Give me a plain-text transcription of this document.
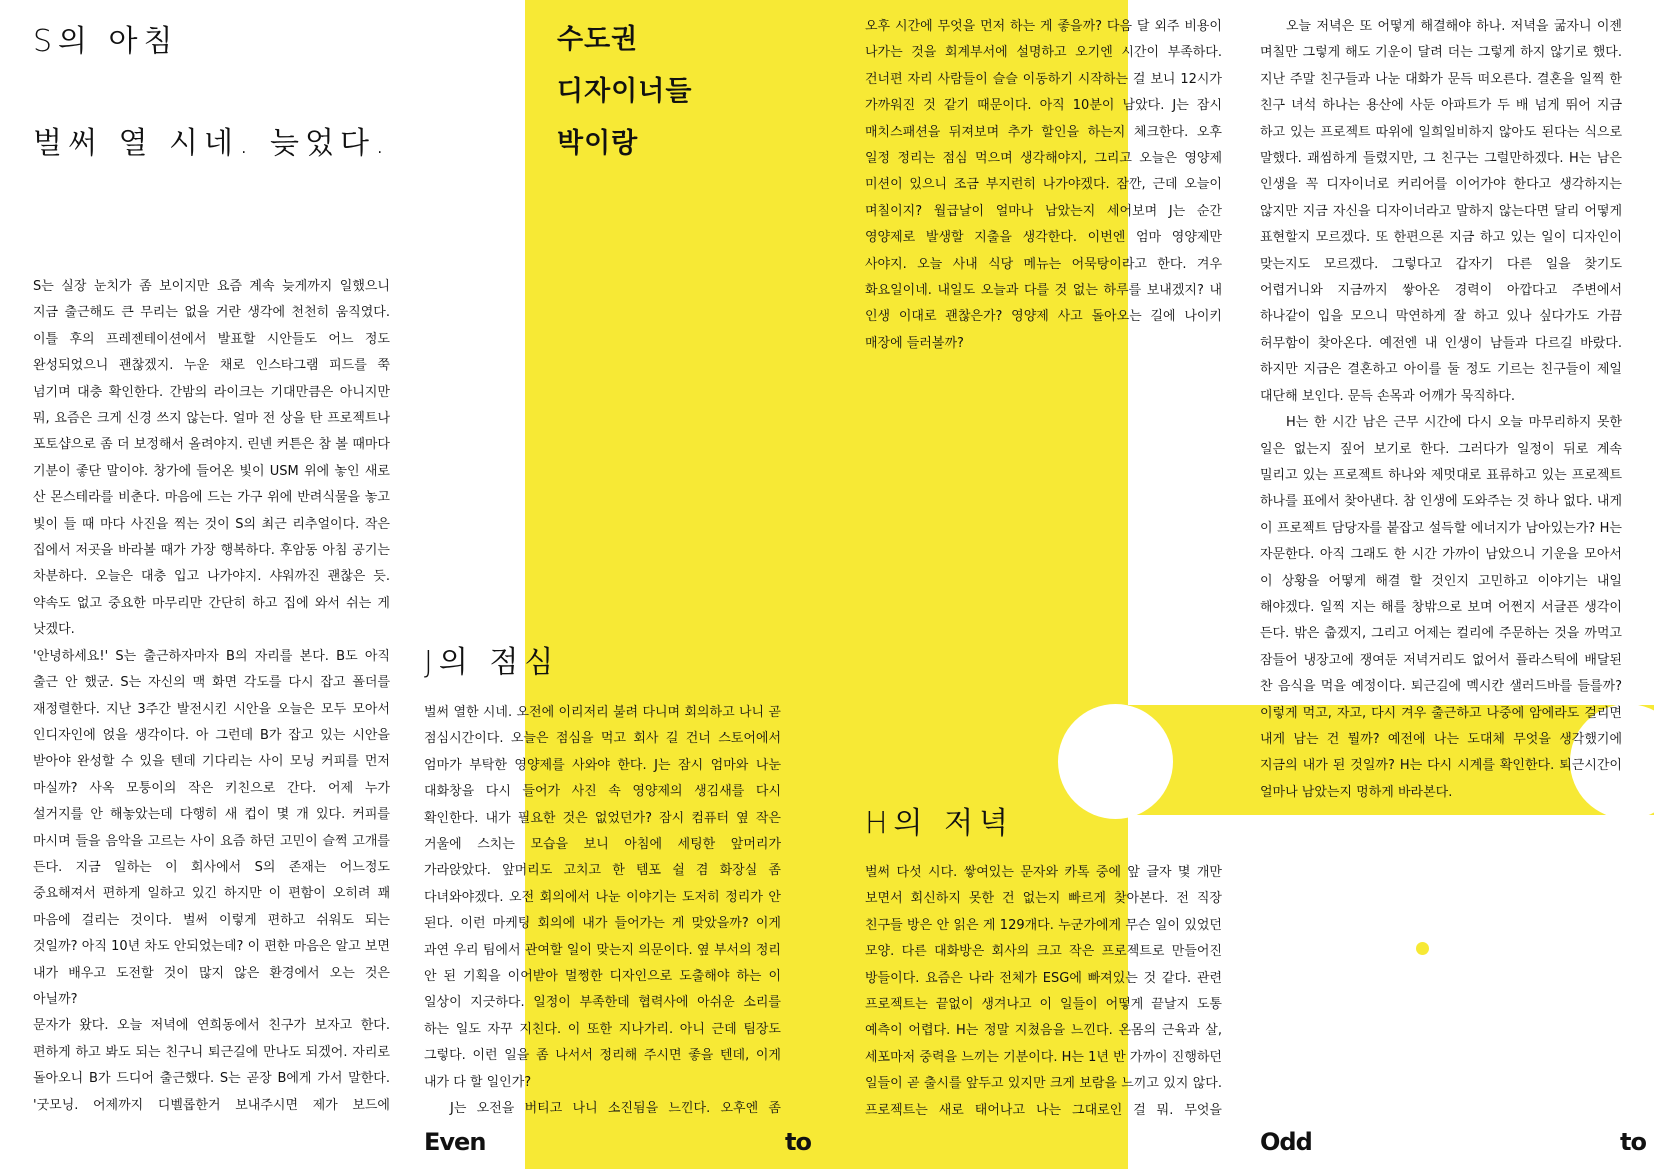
S의 아침
벌써 열 시네. 늦었다.
수도권
디자이너들
박이랑

S는 실장 눈치가 좀 보이지만 요즘 계속 늦게까지 일했으니 지금 출근해도 큰 무리는 없을 거란 생각에 천천히 움직였다. 이틀 후의 프레젠테이션에서 발표할 시안들도 어느 정도 완성되었으니 괜찮겠지. 누운 채로 인스타그램 피드를 쭉 넘기며 대충 확인한다. 간밤의 라이크는 기대만큼은 아니지만 뭐, 요즘은 크게 신경 쓰지 않는다. 얼마 전 상을 탄 프로젝트나 포토샵으로 좀 더 보정해서 올려야지. 린넨 커튼은 참 볼 때마다 기분이 좋단 말이야. 창가에 들어온 빛이 USM 위에 놓인 새로 산 몬스테라를 비춘다. 마음에 드는 가구 위에 반려식물을 놓고 빛이 들 때 마다 사진을 찍는 것이 S의 최근 리추얼이다. 작은 집에서 저곳을 바라볼 때가 가장 행복하다. 후암동 아침 공기는 차분하다. 오늘은 대충 입고 나가야지. 샤워까진 괜찮은 듯. 약속도 없고 중요한 마무리만 간단히 하고 집에 와서 쉬는 게 낫겠다.

'안녕하세요!' S는 출근하자마자 B의 자리를 본다. B도 아직 출근 안 했군. S는 자신의 맥 화면 각도를 다시 잡고 폴더를 재정렬한다. 지난 3주간 발전시킨 시안을 오늘은 모두 모아서 인디자인에 얹을 생각이다. 아 그런데 B가 잡고 있는 시안을 받아야 완성할 수 있을 텐데 기다리는 사이 모닝 커피를 먼저 마실까? 사옥 모퉁이의 작은 키친으로 간다. 어제 누가 설거지를 안 해놓았는데 다행히 새 컵이 몇 개 있다. 커피를 마시며 들을 음악을 고르는 사이 요즘 하던 고민이 슬쩍 고개를 든다. 지금 일하는 이 회사에서 S의 존재는 어느정도 중요해져서 편하게 일하고 있긴 하지만 이 편함이 오히려 꽤 마음에 걸리는 것이다. 벌써 이렇게 편하고 쉬워도 되는 것일까? 아직 10년 차도 안되었는데? 이 편한 마음은 알고 보면 내가 배우고 도전할 것이 많지 않은 환경에서 오는 것은 아닐까?

문자가 왔다. 오늘 저녁에 연희동에서 친구가 보자고 한다. 편하게 하고 봐도 되는 친구니 퇴근길에 만나도 되겠어. 자리로 돌아오니 B가 드디어 출근했다. S는 곧장 B에게 가서 말한다. '굿모닝. 어제까지 디벨롭한거 보내주시면 제가 보드에

J의 점심

벌써 열한 시네. 오전에 이리저리 불려 다니며 회의하고 나니 곧 점심시간이다. 오늘은 점심을 먹고 회사 길 건너 스토어에서 엄마가 부탁한 영양제를 사와야 한다. J는 잠시 엄마와 나눈 대화창을 다시 들어가 사진 속 영양제의 생김새를 다시 확인한다. 내가 필요한 것은 없었던가? 잠시 컴퓨터 옆 작은 거울에 스치는 모습을 보니 아침에 세팅한 앞머리가 가라앉았다. 앞머리도 고치고 한 템포 쉴 겸 화장실 좀 다녀와야겠다. 오전 회의에서 나눈 이야기는 도저히 정리가 안 된다. 이런 마케팅 회의에 내가 들어가는 게 맞았을까? 이게 과연 우리 팀에서 관여할 일이 맞는지 의문이다. 옆 부서의 정리 안 된 기획을 이어받아 멀쩡한 디자인으로 도출해야 하는 이 일상이 지긋하다. 일정이 부족한데 협력사에 아쉬운 소리를 하는 일도 자꾸 지친다. 이 또한 지나가리. 아니 근데 팀장도 그렇다. 이런 일을 좀 나서서 정리해 주시면 좋을 텐데, 이게 내가 다 할 일인가?

J는 오전을 버티고 나니 소진됨을 느낀다. 오후엔 좀

오후 시간에 무엇을 먼저 하는 게 좋을까? 다음 달 외주 비용이 나가는 것을 회계부서에 설명하고 오기엔 시간이 부족하다. 건너편 자리 사람들이 슬슬 이동하기 시작하는 걸 보니 12시가 가까워진 것 같기 때문이다. 아직 10분이 남았다. J는 잠시 매치스패션을 뒤져보며 추가 할인을 하는지 체크한다. 오후 일정 정리는 점심 먹으며 생각해야지, 그리고 오늘은 영양제 미션이 있으니 조금 부지런히 나가야겠다. 잠깐, 근데 오늘이 며칠이지? 월급날이 얼마나 남았는지 세어보며 J는 순간 영양제로 발생할 지출을 생각한다. 이번엔 엄마 영양제만 사야지. 오늘 사내 식당 메뉴는 어묵탕이라고 한다. 겨우 화요일이네. 내일도 오늘과 다를 것 없는 하루를 보내겠지? 내 인생 이대로 괜찮은가? 영양제 사고 돌아오는 길에 나이키 매장에 들러볼까?

H의 저녁

벌써 다섯 시다. 쌓여있는 문자와 카톡 중에 앞 글자 몇 개만 보면서 회신하지 못한 건 없는지 빠르게 찾아본다. 전 직장 친구들 방은 안 읽은 게 129개다. 누군가에게 무슨 일이 있었던 모양. 다른 대화방은 회사의 크고 작은 프로젝트로 만들어진 방들이다. 요즘은 나라 전체가 ESG에 빠져있는 것 같다. 관련 프로젝트는 끝없이 생겨나고 이 일들이 어떻게 끝날지 도통 예측이 어렵다. H는 정말 지쳤음을 느낀다. 온몸의 근육과 살, 세포마저 중력을 느끼는 기분이다. H는 1년 반 가까이 진행하던 일들이 곧 출시를 앞두고 있지만 크게 보람을 느끼고 있지 않다. 프로젝트는 새로 태어나고 나는 그대로인 걸 뭐. 무엇을

오늘 저녁은 또 어떻게 해결해야 하나. 저녁을 굶자니 이젠 며칠만 그렇게 해도 기운이 달려 더는 그렇게 하지 않기로 했다. 지난 주말 친구들과 나눈 대화가 문득 떠오른다. 결혼을 일찍 한 친구 녀석 하나는 용산에 사둔 아파트가 두 배 넘게 뛰어 지금 하고 있는 프로젝트 따위에 일희일비하지 않아도 된다는 식으로 말했다. 괘씸하게 들렸지만, 그 친구는 그럴만하겠다. H는 남은 인생을 꼭 디자이너로 커리어를 이어가야 한다고 생각하지는 않지만 지금 자신을 디자이너라고 말하지 않는다면 달리 어떻게 표현할지 모르겠다. 또 한편으론 지금 하고 있는 일이 디자인이 맞는지도 모르겠다. 그렇다고 갑자기 다른 일을 찾기도 어렵거니와 지금까지 쌓아온 경력이 아깝다고 주변에서 하나같이 입을 모으니 막연하게 잘 하고 있나 싶다가도 가끔 허무함이 찾아온다. 예전엔 내 인생이 남들과 다르길 바랐다. 하지만 지금은 결혼하고 아이를 둘 정도 기르는 친구들이 제일 대단해 보인다. 문득 손목과 어깨가 묵직하다.

H는 한 시간 남은 근무 시간에 다시 오늘 마무리하지 못한 일은 없는지 짚어 보기로 한다. 그러다가 일정이 뒤로 계속 밀리고 있는 프로젝트 하나와 제멋대로 표류하고 있는 프로젝트 하나를 표에서 찾아낸다. 참 인생에 도와주는 것 하나 없다. 내게 이 프로젝트 담당자를 붙잡고 설득할 에너지가 남아있는가? H는 자문한다. 아직 그래도 한 시간 가까이 남았으니 기운을 모아서 이 상황을 어떻게 해결 할 것인지 고민하고 이야기는 내일 해야겠다. 일찍 지는 해를 창밖으로 보며 어쩐지 서글픈 생각이 든다. 밖은 춥겠지, 그리고 어제는 컬리에 주문하는 것을 까먹고 잠들어 냉장고에 쟁여둔 저녁거리도 없어서 플라스틱에 배달된 찬 음식을 먹을 예정이다. 퇴근길에 멕시칸 샐러드바를 들를까? 이렇게 먹고, 자고, 다시 겨우 출근하고 나중에 암에라도 걸리면 내게 남는 건 뭘까? 예전에 나는 도대체 무엇을 생각했기에 지금의 내가 된 것일까? H는 다시 시계를 확인한다. 퇴근시간이 얼마나 남았는지 멍하게 바라본다.

Even	to	Odd	to
